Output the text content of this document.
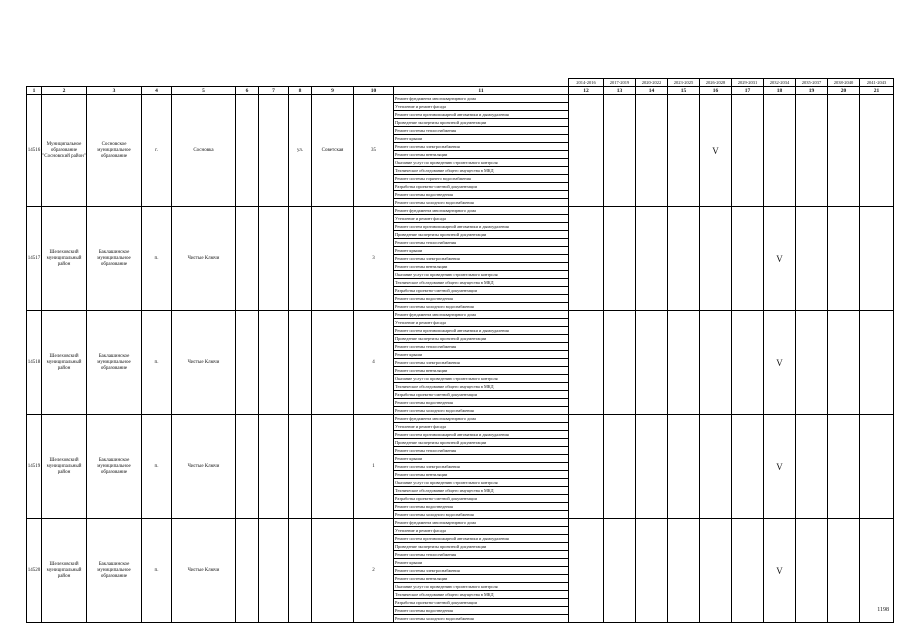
											2014-2016	2017-2019	2020-2022	2023-2025	2026-2028	2029-2031	2032-2034	2035-2037	2038-2040	2041-2043
1	2	3	4	5	6	7	8	9	10	11	12	13	14	15	16	17	18	19	20	21
14516	Муниципальное образование "Сосновский район"	Сосновское муниципальное образование	г.	Сосновка			ул.	Советская	35	Ремонт фундамента многоквартирного дома					V					
										Утепление и ремонт фасада										
										Ремонт систем противопожарной автоматики и дымоудаления										
										Проведение экспертизы проектной документации										
										Ремонт системы теплоснабжения										
										Ремонт крыши										
										Ремонт системы электроснабжения										
										Ремонт системы вентиляции										
										Оказание услуг по проведению строительного контроля										
										Техническое обследование общего имущества в МКД										
										Ремонт системы горячего водоснабжения										
										Разработка проектно-сметной документации										
										Ремонт системы водоотведения										
										Ремонт системы холодного водоснабжения										
14517	Шелеховский муниципальный район	Баклашинское муниципальное образование	п.	Чистые Ключи					3	Ремонт фундамента многоквартирного дома							V			
										Утепление и ремонт фасада										
										Ремонт систем противопожарной автоматики и дымоудаления										
										Проведение экспертизы проектной документации										
										Ремонт системы теплоснабжения										
										Ремонт крыши										
										Ремонт системы электроснабжения										
										Ремонт системы вентиляции										
										Оказание услуг по проведению строительного контроля										
										Техническое обследование общего имущества в МКД										
										Разработка проектно-сметной документации										
										Ремонт системы водоотведения										
										Ремонт системы холодного водоснабжения										
14518	Шелеховский муниципальный район	Баклашинское муниципальное образование	п.	Чистые Ключи					4	Ремонт фундамента многоквартирного дома							V			
										Утепление и ремонт фасада										
										Ремонт систем противопожарной автоматики и дымоудаления										
										Проведение экспертизы проектной документации										
										Ремонт системы теплоснабжения										
										Ремонт крыши										
										Ремонт системы электроснабжения										
										Ремонт системы вентиляции										
										Оказание услуг по проведению строительного контроля										
										Техническое обследование общего имущества в МКД										
										Разработка проектно-сметной документации										
										Ремонт системы водоотведения										
										Ремонт системы холодного водоснабжения										
14519	Шелеховский муниципальный район	Баклашинское муниципальное образование	п.	Чистые Ключи					1	Ремонт фундамента многоквартирного дома							V			
										Утепление и ремонт фасада										
										Ремонт систем противопожарной автоматики и дымоудаления										
										Проведение экспертизы проектной документации										
										Ремонт системы теплоснабжения										
										Ремонт крыши										
										Ремонт системы электроснабжения										
										Ремонт системы вентиляции										
										Оказание услуг по проведению строительного контроля										
										Техническое обследование общего имущества в МКД										
										Разработка проектно-сметной документации										
										Ремонт системы водоотведения										
										Ремонт системы холодного водоснабжения										
14520	Шелеховский муниципальный район	Баклашинское муниципальное образование	п.	Чистые Ключи					2	Ремонт фундамента многоквартирного дома							V			
										Утепление и ремонт фасада										
										Ремонт систем противопожарной автоматики и дымоудаления										
										Проведение экспертизы проектной документации										
										Ремонт системы теплоснабжения										
										Ремонт крыши										
										Ремонт системы электроснабжения										
										Ремонт системы вентиляции										
										Оказание услуг по проведению строительного контроля										
										Техническое обследование общего имущества в МКД										
										Разработка проектно-сметной документации										
										Ремонт системы водоотведения										
										Ремонт системы холодного водоснабжения										
1198
